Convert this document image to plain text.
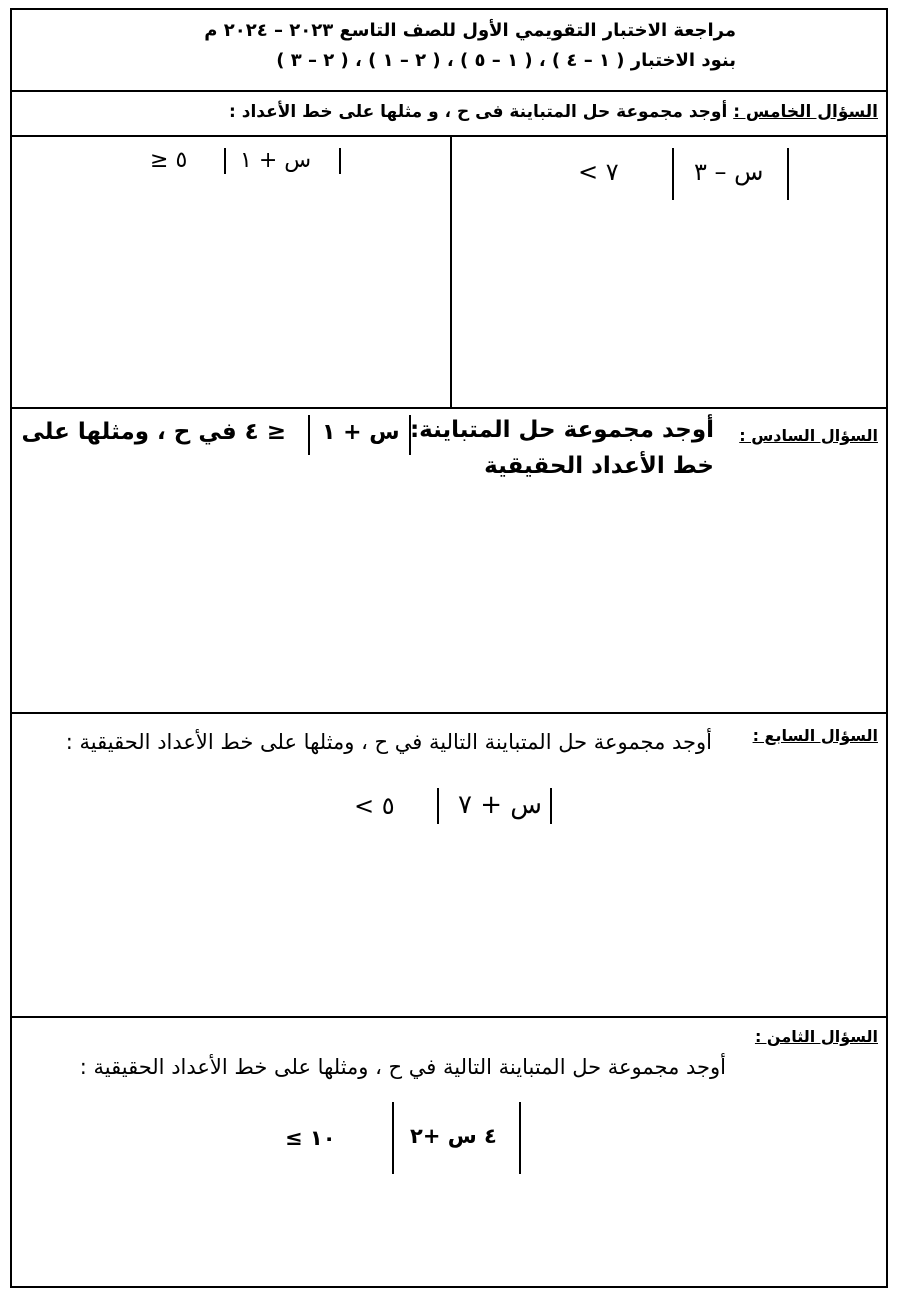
مراجعة الاختبار التقويمي الأول للصف التاسع ٢٠٢٣ – ٢٠٢٤ م
بنود الاختبار ( ١ – ٤ ) ، ( ١ – ٥ ) ، ( ٢ – ١ ) ، ( ٢ – ٣ )
السؤال الخامس : أوجد مجموعة حل المتباينة فى ح ، و مثلها على خط الأعداد :
س – ٣
< ٧
س + ١
≥ ٥
السؤال السادس :
أوجد مجموعة حل المتباينة:
س + ١
≤ ٤ في ح ، ومثلها على
خط الأعداد الحقيقية
السؤال السابع :
أوجد مجموعة حل المتباينة التالية في ح ، ومثلها على خط الأعداد الحقيقية :
س + ٧
< ٥
السؤال الثامن :
أوجد مجموعة حل المتباينة التالية في ح ، ومثلها على خط الأعداد الحقيقية :
٤ س +٢
≤ ١٠
